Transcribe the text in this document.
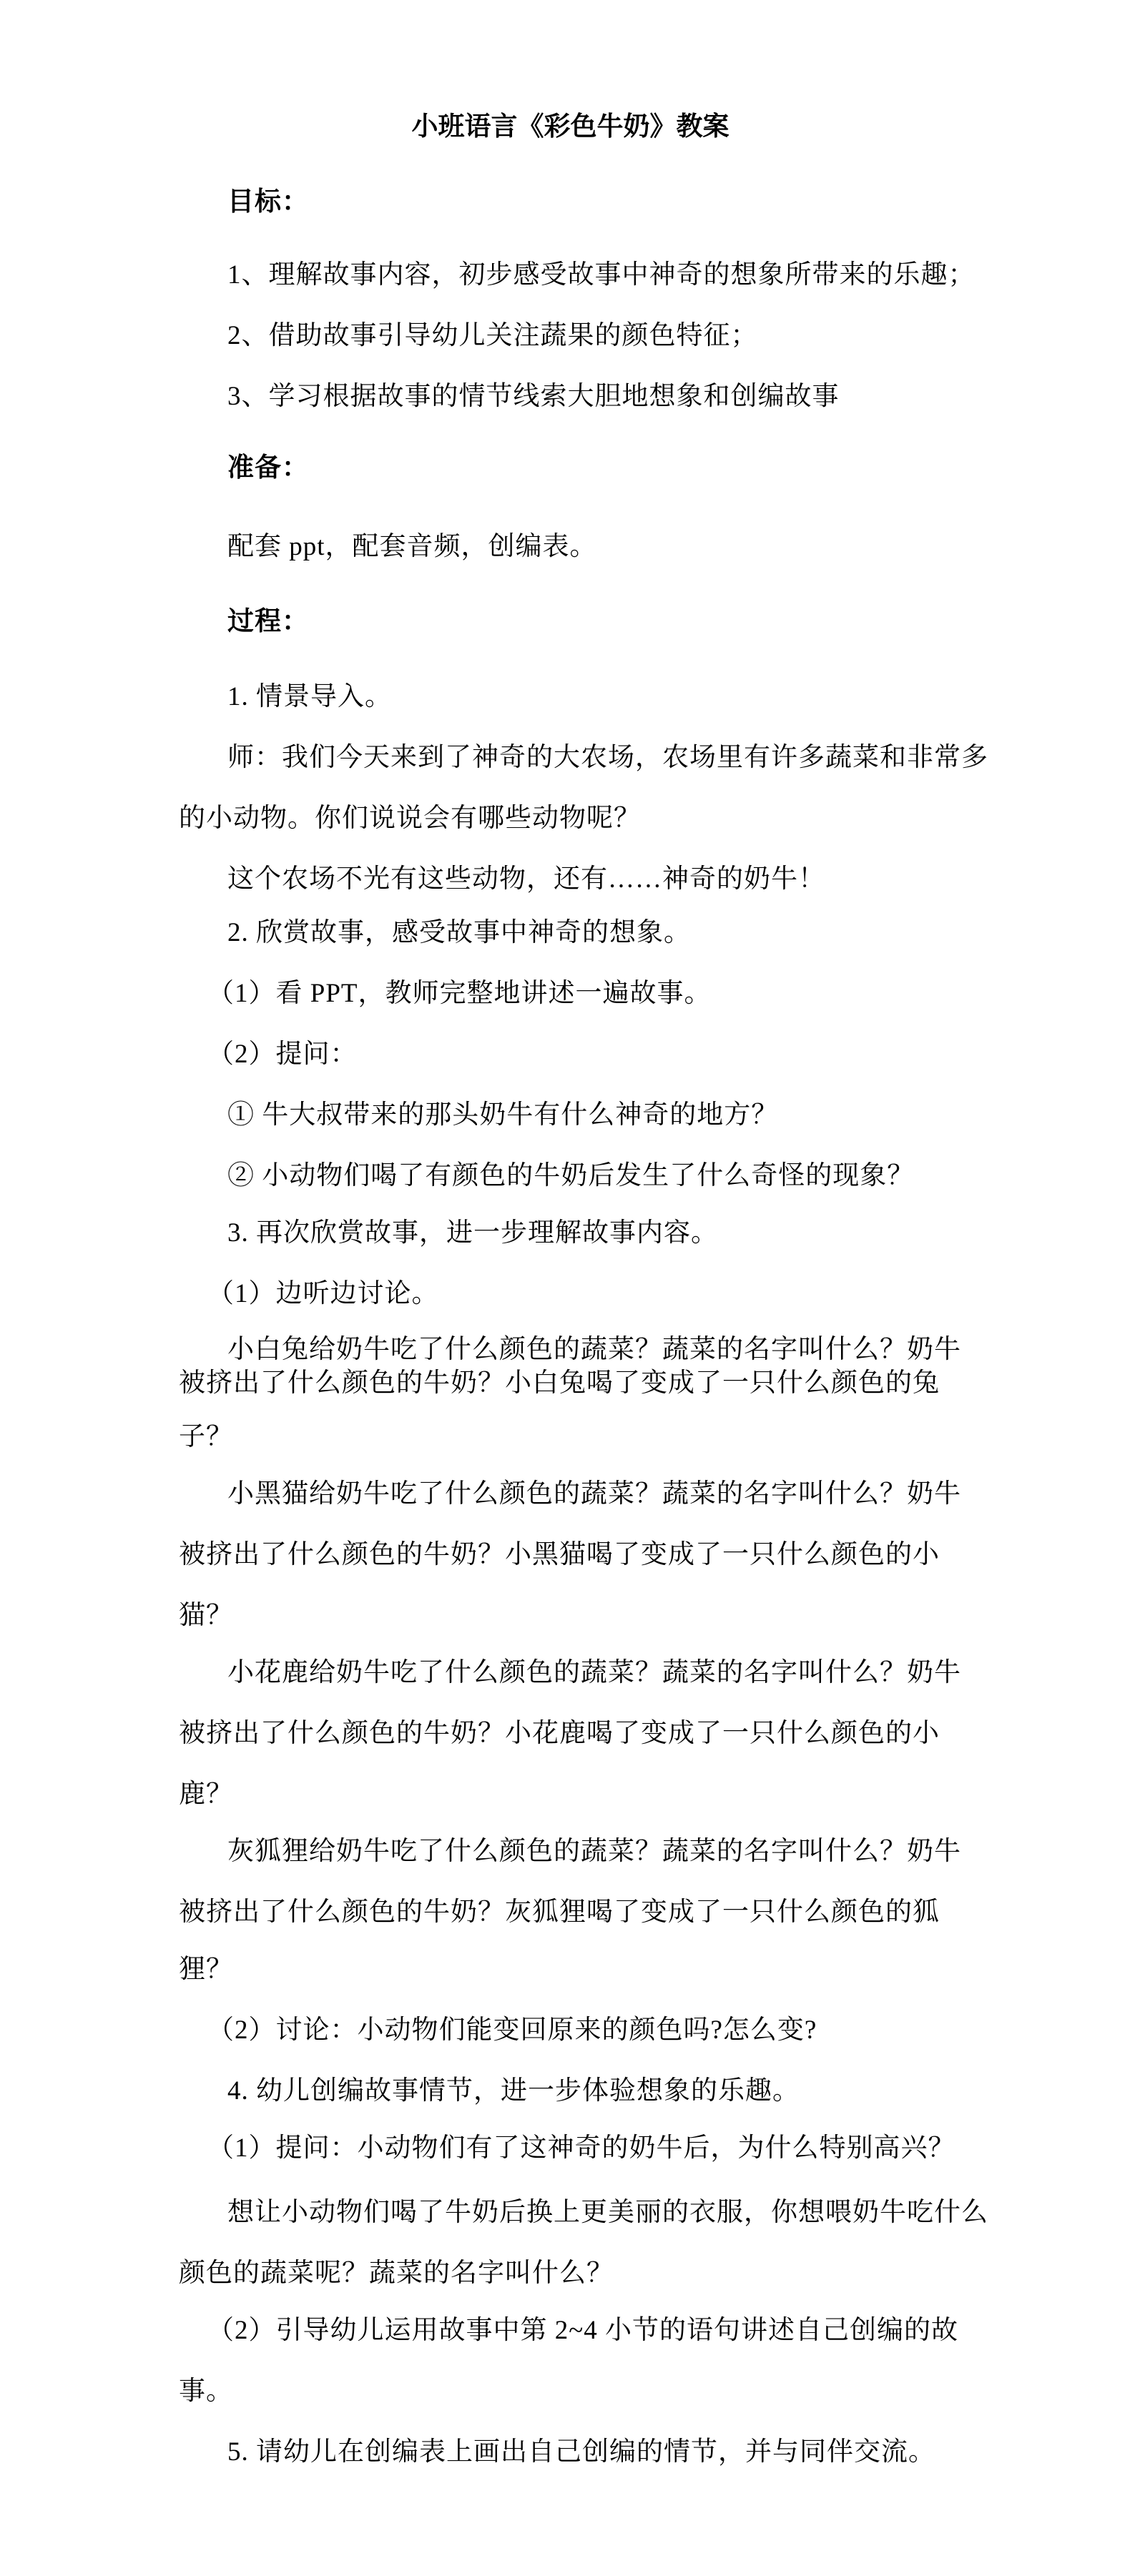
小班语言《彩色牛奶》教案
目标：
1、理解故事内容，初步感受故事中神奇的想象所带来的乐趣；
2、借助故事引导幼儿关注蔬果的颜色特征；
3、学习根据故事的情节线索大胆地想象和创编故事
准备：
配套 ppt，配套音频，创编表。
过程：
1. 情景导入。
师：我们今天来到了神奇的大农场，农场里有许多蔬菜和非常多
的小动物。你们说说会有哪些动物呢？
这个农场不光有这些动物，还有……神奇的奶牛！
2. 欣赏故事，感受故事中神奇的想象。
（1）看 PPT，教师完整地讲述一遍故事。
（2）提问：
① 牛大叔带来的那头奶牛有什么神奇的地方？
② 小动物们喝了有颜色的牛奶后发生了什么奇怪的现象？
3. 再次欣赏故事，进一步理解故事内容。
（1）边听边讨论。
小白兔给奶牛吃了什么颜色的蔬菜？蔬菜的名字叫什么？奶牛
被挤出了什么颜色的牛奶？小白兔喝了变成了一只什么颜色的兔
子？
小黑猫给奶牛吃了什么颜色的蔬菜？蔬菜的名字叫什么？奶牛
被挤出了什么颜色的牛奶？小黑猫喝了变成了一只什么颜色的小
猫？
小花鹿给奶牛吃了什么颜色的蔬菜？蔬菜的名字叫什么？奶牛
被挤出了什么颜色的牛奶？小花鹿喝了变成了一只什么颜色的小
鹿？
灰狐狸给奶牛吃了什么颜色的蔬菜？蔬菜的名字叫什么？奶牛
被挤出了什么颜色的牛奶？灰狐狸喝了变成了一只什么颜色的狐
狸？
（2）讨论：小动物们能变回原来的颜色吗?怎么变?
4. 幼儿创编故事情节，进一步体验想象的乐趣。
（1）提问：小动物们有了这神奇的奶牛后，为什么特别高兴？
想让小动物们喝了牛奶后换上更美丽的衣服，你想喂奶牛吃什么
颜色的蔬菜呢？蔬菜的名字叫什么？
（2）引导幼儿运用故事中第 2~4 小节的语句讲述自己创编的故
事。
5. 请幼儿在创编表上画出自己创编的情节，并与同伴交流。
